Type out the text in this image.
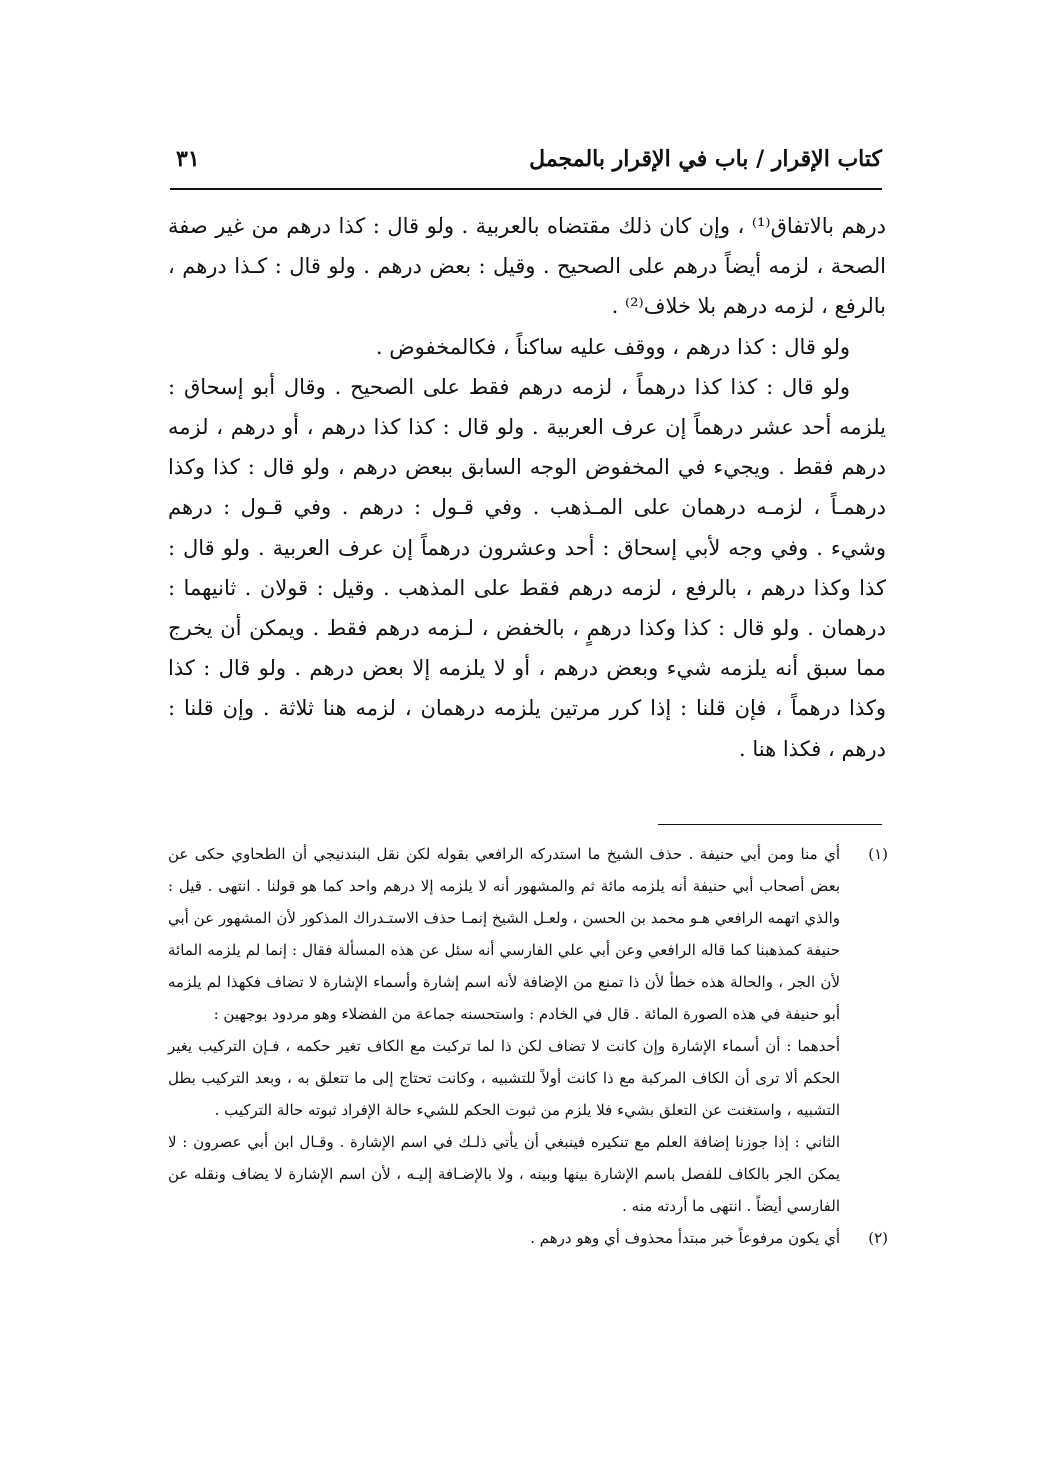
كتاب الإقرار / باب في الإقرار بالمجمل
٣١

درهم بالاتفاق⁽¹⁾ ، وإن كان ذلك مقتضاه بالعربية . ولو قال : كذا درهم من غير صفة الصحة ، لزمه أيضاً درهم على الصحيح . وقيل : بعض درهم . ولو قال : كـذا درهم ، بالرفع ، لزمه درهم بلا خلاف⁽²⁾ .

ولو قال : كذا درهم ، ووقف عليه ساكناً ، فكالمخفوض .

ولو قال : كذا كذا درهماً ، لزمه درهم فقط على الصحيح . وقال أبو إسحاق : يلزمه أحد عشر درهماً إن عرف العربية . ولو قال : كذا كذا درهم ، أو درهم ، لزمه درهم فقط . ويجيء في المخفوض الوجه السابق ببعض درهم ، ولو قال : كذا وكذا درهمـاً ، لزمـه درهمان على المـذهب . وفي قـول : درهم . وفي قـول : درهم وشيء . وفي وجه لأبي إسحاق : أحد وعشرون درهماً إن عرف العربية . ولو قال : كذا وكذا درهم ، بالرفع ، لزمه درهم فقط على المذهب . وقيل : قولان . ثانيهما : درهمان . ولو قال : كذا وكذا درهمٍ ، بالخفض ، لـزمه درهم فقط . ويمكن أن يخرج مما سبق أنه يلزمه شيء وبعض درهم ، أو لا يلزمه إلا بعض درهم . ولو قال : كذا وكذا درهماً ، فإن قلنا : إذا كرر مرتين يلزمه درهمان ، لزمه هنا ثلاثة . وإن قلنا : درهم ، فكذا هنا .

(١)

أي منا ومن أبي حنيفة . حذف الشيخ ما استدركه الرافعي بقوله لكن نقل البندنيجي أن الطحاوي حكى عن بعض أصحاب أبي حنيفة أنه يلزمه مائة ثم والمشهور أنه لا يلزمه إلا درهم واحد كما هو قولنا . انتهى . قيل : والذي اتهمه الرافعي هـو محمد بن الحسن ، ولعـل الشيخ إنمـا حذف الاستـدراك المذكور لأن المشهور عن أبي حنيفة كمذهبنا كما قاله الرافعي وعن أبي علي الفارسي أنه سئل عن هذه المسألة فقال : إنما لم يلزمه المائة لأن الجر ، والحالة هذه خطأ لأن ذا تمنع من الإضافة لأنه اسم إشارة وأسماء الإشارة لا تضاف فكهذا لم يلزمه أبو حنيفة في هذه الصورة المائة . قال في الخادم : واستحسنه جماعة من الفضلاء وهو مردود بوجهين :

أحدهما : أن أسماء الإشارة وإن كانت لا تضاف لكن ذا لما تركبت مع الكاف تغير حكمه ، فـإن التركيب يغير الحكم ألا ترى أن الكاف المركبة مع ذا كانت أولاً للتشبيه ، وكانت تحتاج إلى ما تتعلق به ، وبعد التركيب بطل التشبيه ، واستغنت عن التعلق بشيء فلا يلزم من ثبوت الحكم للشيء حالة الإفراد ثبوته حالة التركيب .

الثاني : إذا جوزنا إضافة العلم مع تنكيره فينبغي أن يأتي ذلـك في اسم الإشارة . وقـال ابن أبي عصرون : لا يمكن الجر بالكاف للفصل باسم الإشارة بينها وبينه ، ولا بالإضـافة إليـه ، لأن اسم الإشارة لا يضاف ونقله عن الفارسي أيضاً . انتهى ما أردته منه .

(٢)

أي يكون مرفوعاً خبر مبتدأ محذوف أي وهو درهم .
